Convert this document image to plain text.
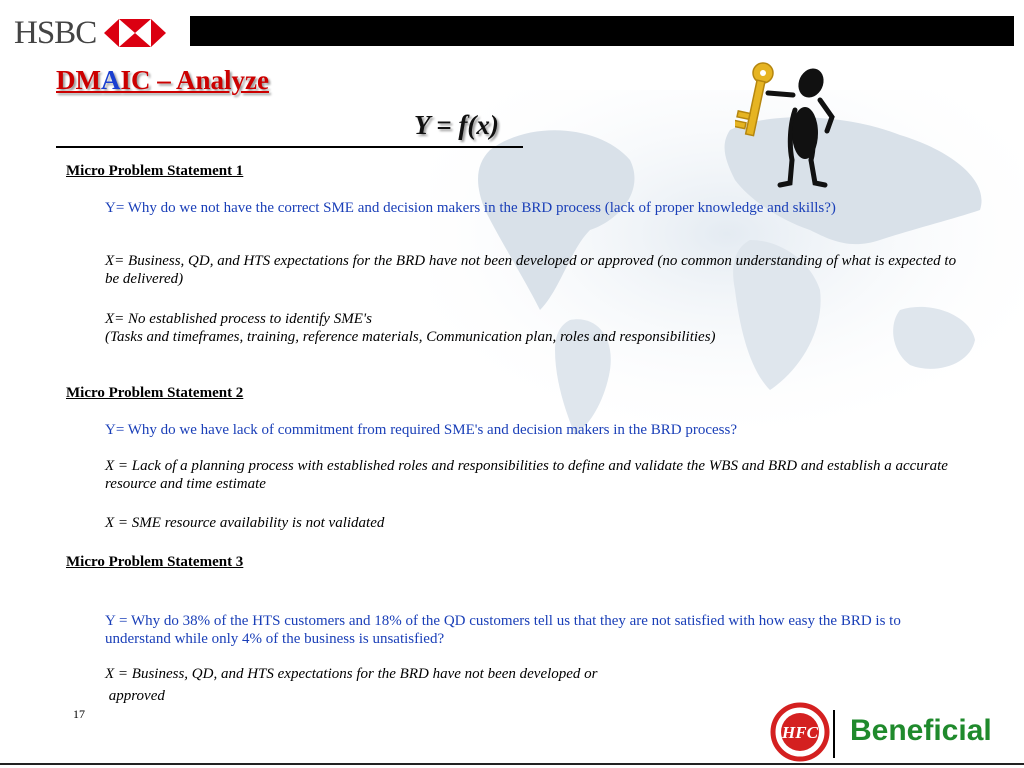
HSBC
DMAIC – Analyze
Y = f(x)
Micro Problem Statement 1
Y= Why do we not have the correct SME and decision makers in the BRD process (lack of proper knowledge and skills?)
X= Business, QD, and HTS expectations for the BRD have not been developed or approved (no common understanding of what is expected to be delivered)
X= No established process to identify SME's
(Tasks and timeframes, training, reference materials, Communication plan, roles and responsibilities)
Micro Problem Statement 2
Y= Why do we have lack of commitment from required SME's and decision makers in the BRD process?
X = Lack of a planning process with established roles and responsibilities to define and validate the WBS and BRD and establish a accurate resource and time estimate
X = SME resource availability is not validated
Micro Problem Statement 3
Y = Why do 38% of the HTS customers and 18% of the QD customers tell us that they are not satisfied with how easy the BRD is to understand while only 4% of the business is unsatisfied?
X = Business, QD, and HTS expectations for the BRD have not been developed or
approved
17
HFC Beneficial
